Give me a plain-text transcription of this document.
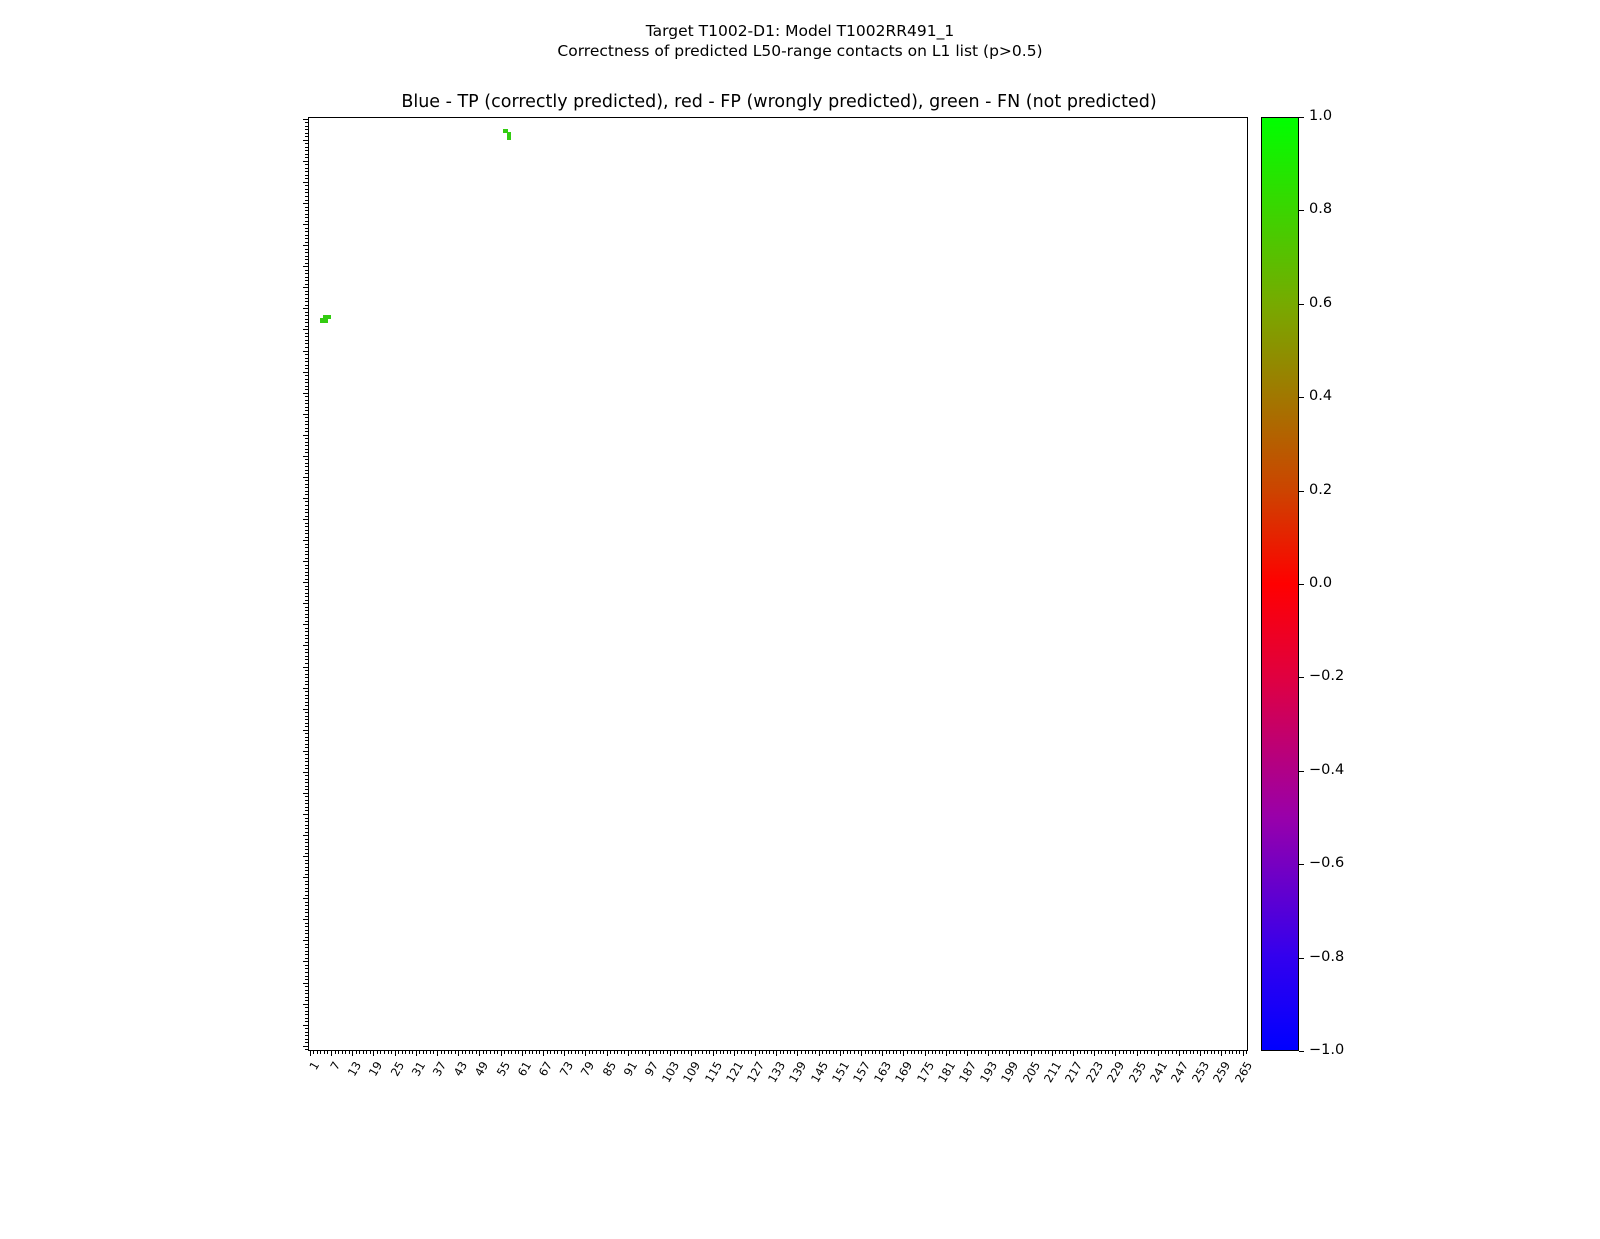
Target T1002-D1: Model T1002RR491_1
Correctness of predicted L50-range contacts on L1 list (p>0.5)
Blue - TP (correctly predicted), red - FP (wrongly predicted), green - FN (not predicted)
1 7 13 19 25 31 37 43 49 55 61 67 73 79 85 91 97
103
109
115
121
127
133
139
145
151
157
163
169
175
181
187
193
199
205
211
217
223
229
235
241
247
253
259
265
1.0
0.8
0.6
0.4
0.2
0.0
−0.2
−0.4
−0.6
−0.8
−1.0
